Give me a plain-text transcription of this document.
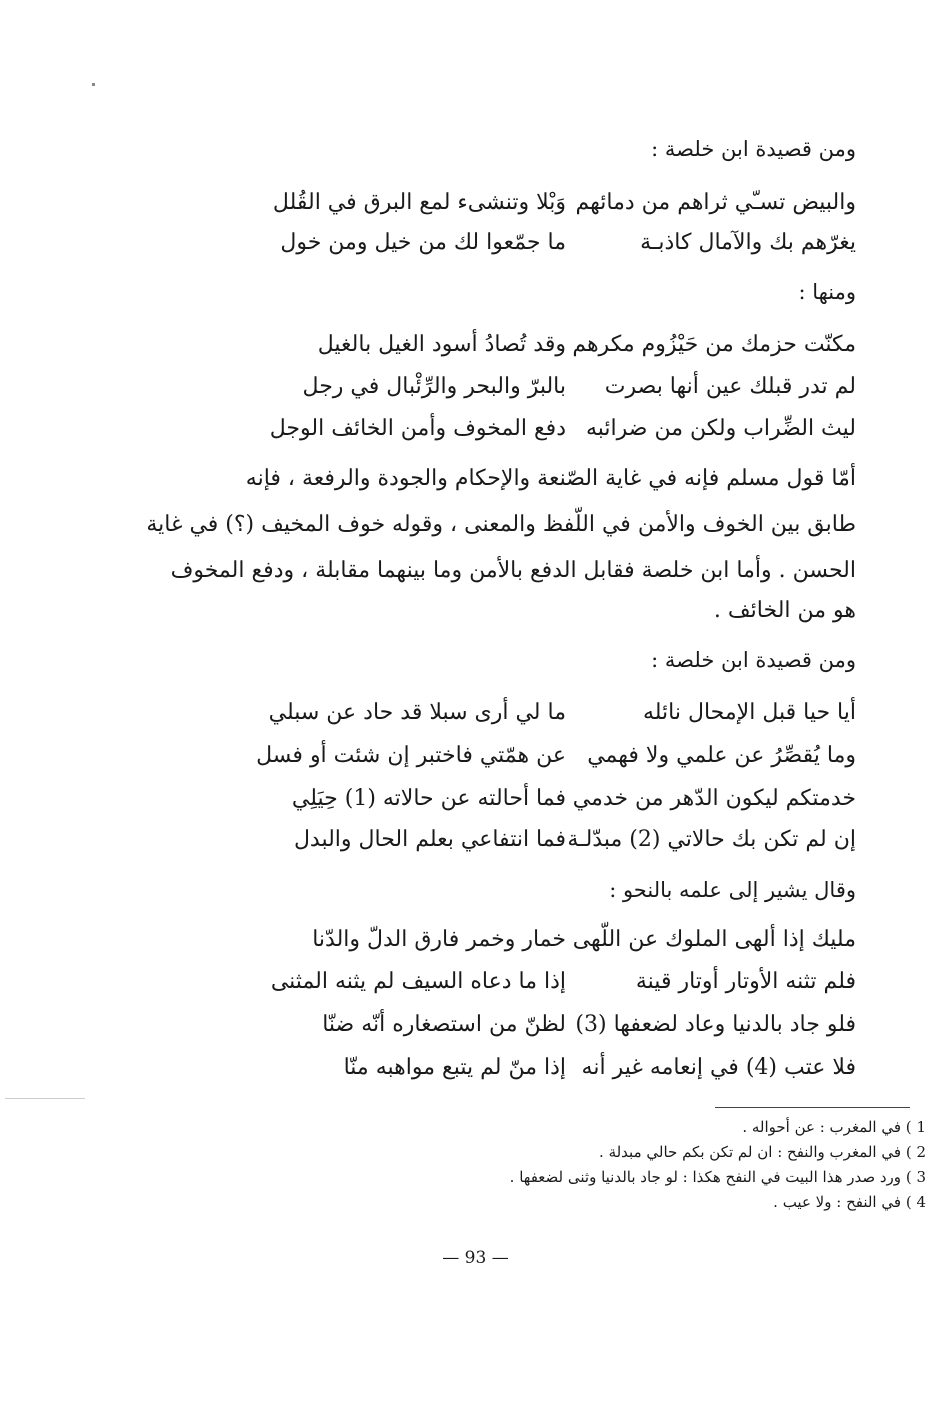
ومن قصيدة ابن خلصة :
والبيض تسـّي ثراهم من دمائهم
وَبْلا وتنشىء لمع البرق في القُلل
يغرّهم بك والآمال كاذبـة
ما جمّعوا لك من خيل ومن خول
ومنها :
مكنّت حزمك من حَيْزُوم مكرهم
وقد تُصادُ أسود الغيل بالغيل
لم تدر قبلك عين أنها بصرت
بالبرّ والبحر والرِّئْبال في رجل
ليث الضِّراب ولكن من ضرائبه
دفع المخوف وأمن الخائف الوجل
أمّا قول مسلم فإنه في غاية الصّنعة والإحكام والجودة والرفعة ، فإنه
طابق بين الخوف والأمن في اللّفظ والمعنى ، وقوله خوف المخيف (؟) في غاية
الحسن . وأما ابن خلصة فقابل الدفع بالأمن وما بينهما مقابلة ، ودفع المخوف
هو من الخائف .
ومن قصيدة ابن خلصة :
أيا حيا قبل الإمحال نائله
ما لي أرى سبلا قد حاد عن سبلي
وما يُقصِّرُ عن علمي ولا فهمي
عن همّتي فاختبر إن شئت أو فسل
خدمتكم ليكون الدّهر من خدمي
فما أحالته عن حالاته (1) حِيَلِي
إن لم تكن بك حالاتي (2) مبدّلـة
فما انتفاعي بعلم الحال والبدل
وقال يشير إلى علمه بالنحو :
مليك إذا ألهى الملوك عن اللّهى
خمار وخمر فارق الدلّ والدّنا
فلم تثنه الأوتار أوتار قينة
إذا ما دعاه السيف لم يثنه المثنى
فلو جاد بالدنيا وعاد لضعفها (3)
لظنّ من استصغاره أنّه ضنّا
فلا عتب (4) في إنعامه غير أنه
إذا منّ لم يتبع مواهبه منّا
1 ) في المغرب : عن أحواله .
2 ) في المغرب والنفح : ان لم تكن بكم حالي مبدلة .
3 ) ورد صدر هذا البيت في النفح هكذا : لو جاد بالدنيا وثنى لضعفها .
4 ) في النفح : ولا عيب .
— 93 —
